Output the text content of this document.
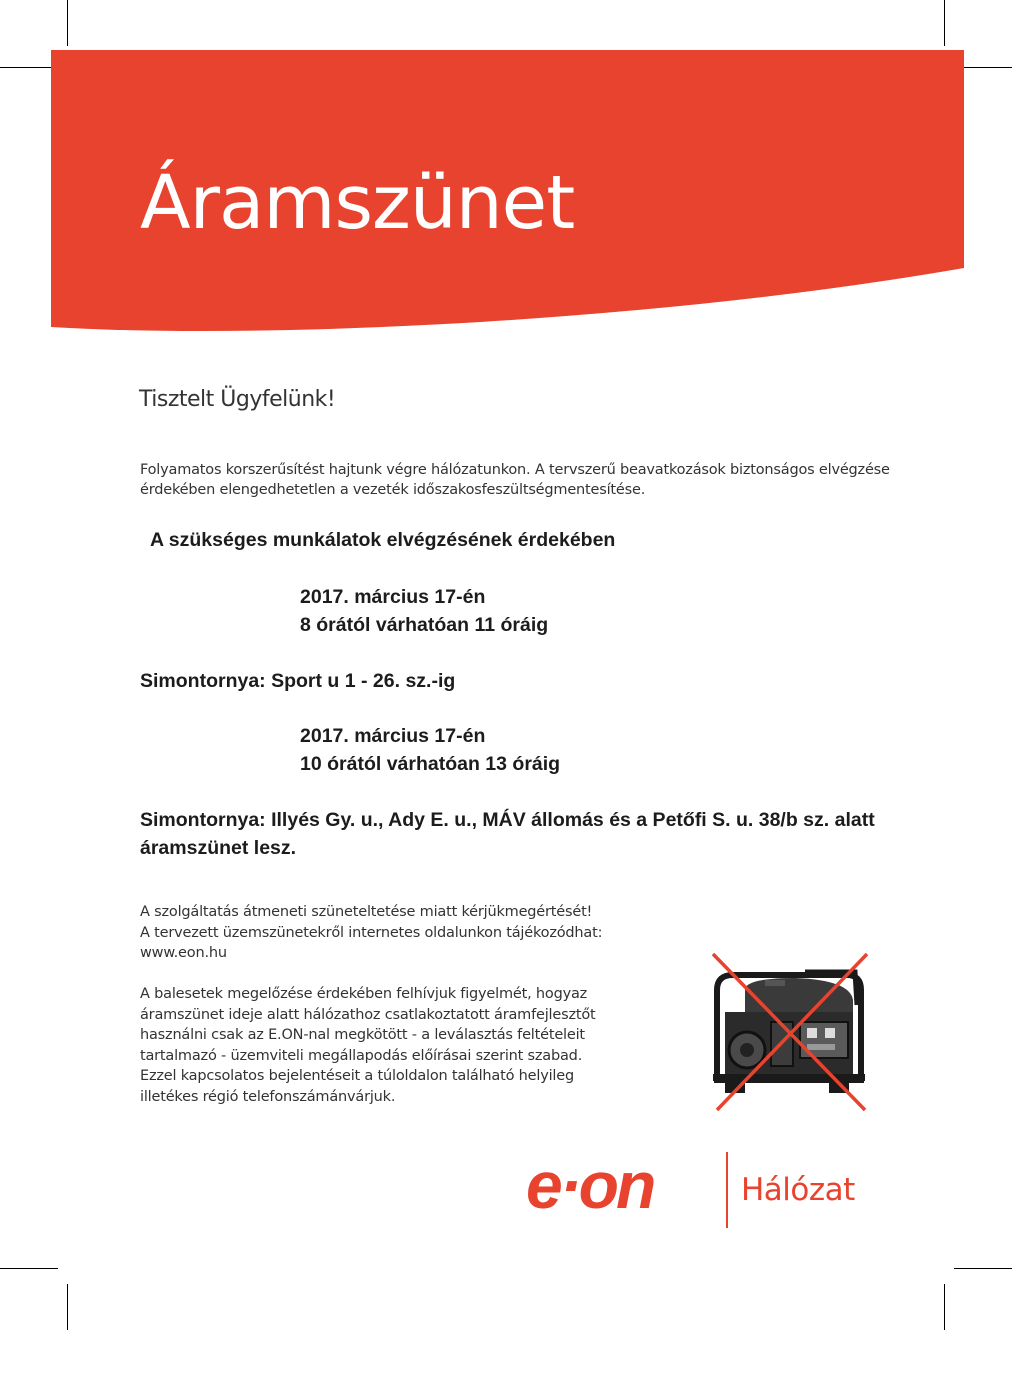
Áramszünet
Tisztelt Ügyfelünk!
Folyamatos korszerűsítést hajtunk végre hálózatunkon. A tervszerű beavatkozások biztonságos elvégzése érdekében elengedhetetlen a vezeték időszakosfeszültségmentesítése.
A szükséges munkálatok elvégzésének érdekében
2017. március 17-én
8 órától várhatóan 11 óráig
Simontornya: Sport u 1 - 26. sz.-ig
2017. március 17-én
10 órától várhatóan 13 óráig
Simontornya: Illyés Gy. u., Ady E. u., MÁV állomás és a Petőfi S. u. 38/b sz. alatt
áramszünet lesz.
A szolgáltatás átmeneti szüneteltetése miatt kérjükmegértését!
A tervezett üzemszünetekről internetes oldalunkon tájékozódhat:
www.eon.hu
A balesetek megelőzése érdekében felhívjuk figyelmét, hogyaz
áramszünet ideje alatt hálózathoz csatlakoztatott áramfejlesztőt
használni csak az E.ON-nal megkötött - a leválasztás feltételeit
tartalmazó - üzemviteli megállapodás előírásai szerint szabad.
Ezzel kapcsolatos bejelentéseit a túloldalon található helyileg
illetékes régió telefonszámánvárjuk.
e·on	Hálózat
